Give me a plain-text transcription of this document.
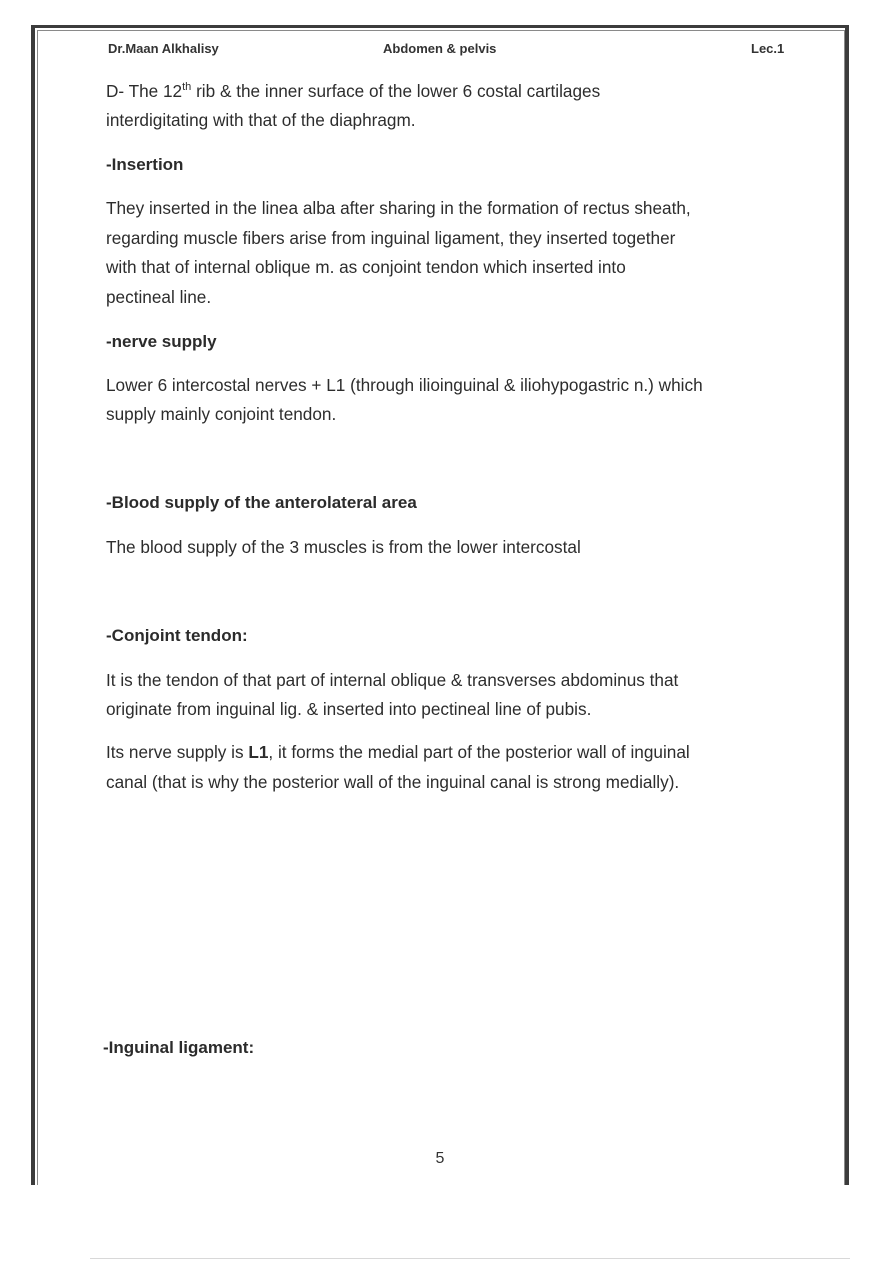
Dr.Maan Alkhalisy	Abdomen & pelvis	Lec.1
D- The 12th rib & the inner surface of the lower 6 costal cartilages
interdigitating with that of the diaphragm.
-Insertion
They inserted in the linea alba after sharing in the formation of rectus sheath,
regarding muscle fibers arise from inguinal ligament, they inserted together
with that of internal oblique m. as conjoint tendon which inserted into
pectineal line.
-nerve supply
Lower 6 intercostal nerves + L1 (through ilioinguinal & iliohypogastric n.) which
supply mainly conjoint tendon.
-Blood supply of the anterolateral area
The blood supply of the 3 muscles is from the lower intercostal
-Conjoint tendon:
It is the tendon of that part of internal oblique & transverses abdominus that
originate from inguinal lig. & inserted into pectineal line of pubis.
Its nerve supply is L1, it forms the medial part of the posterior wall of inguinal
canal (that is why the posterior wall of the inguinal canal is strong medially).
-Inguinal ligament:
5
